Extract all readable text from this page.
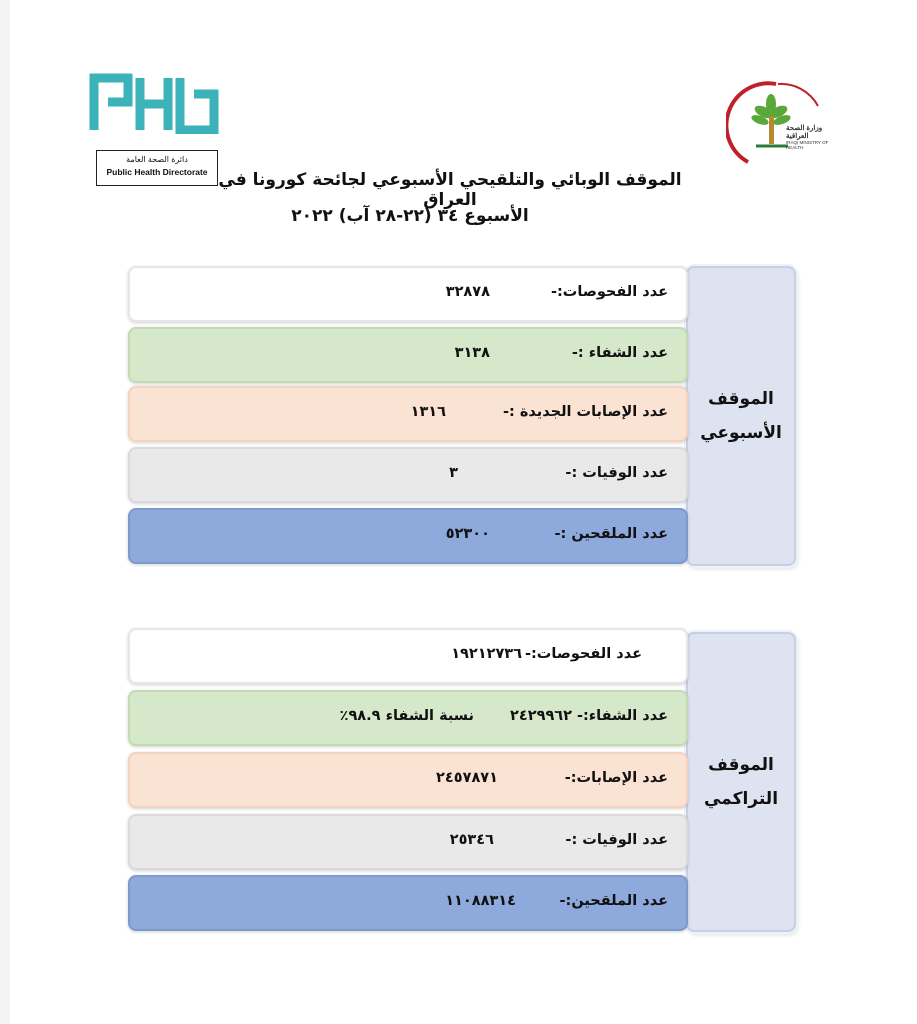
دائرة الصحة العامة
Public Health Directorate
وزارة الصحة العراقية
IRAQI MINISTRY OF HEALTH
الموقف الوبائي والتلقيحي الأسبوعي لجائحة كورونا في العراق
الأسبوع ٣٤ (٢٢-٢٨ آب) ٢٠٢٢
الموقف
الأسبوعي
عدد الفحوصات:-
٣٢٨٧٨
عدد الشفاء :-
٣١٣٨
عدد الإصابات الجديدة :-
١٣١٦
عدد الوفيات :-
٣
عدد الملقحين :-
٥٢٣٠٠
الموقف
التراكمي
عدد الفحوصات:-
١٩٢١٢٧٣٦
عدد الشفاء:-
٢٤٢٩٩٦٢
نسبة الشفاء ٩٨.٩٪
عدد الإصابات:-
٢٤٥٧٨٧١
عدد الوفيات :-
٢٥٣٤٦
عدد الملقحين:-
١١٠٨٨٣١٤
